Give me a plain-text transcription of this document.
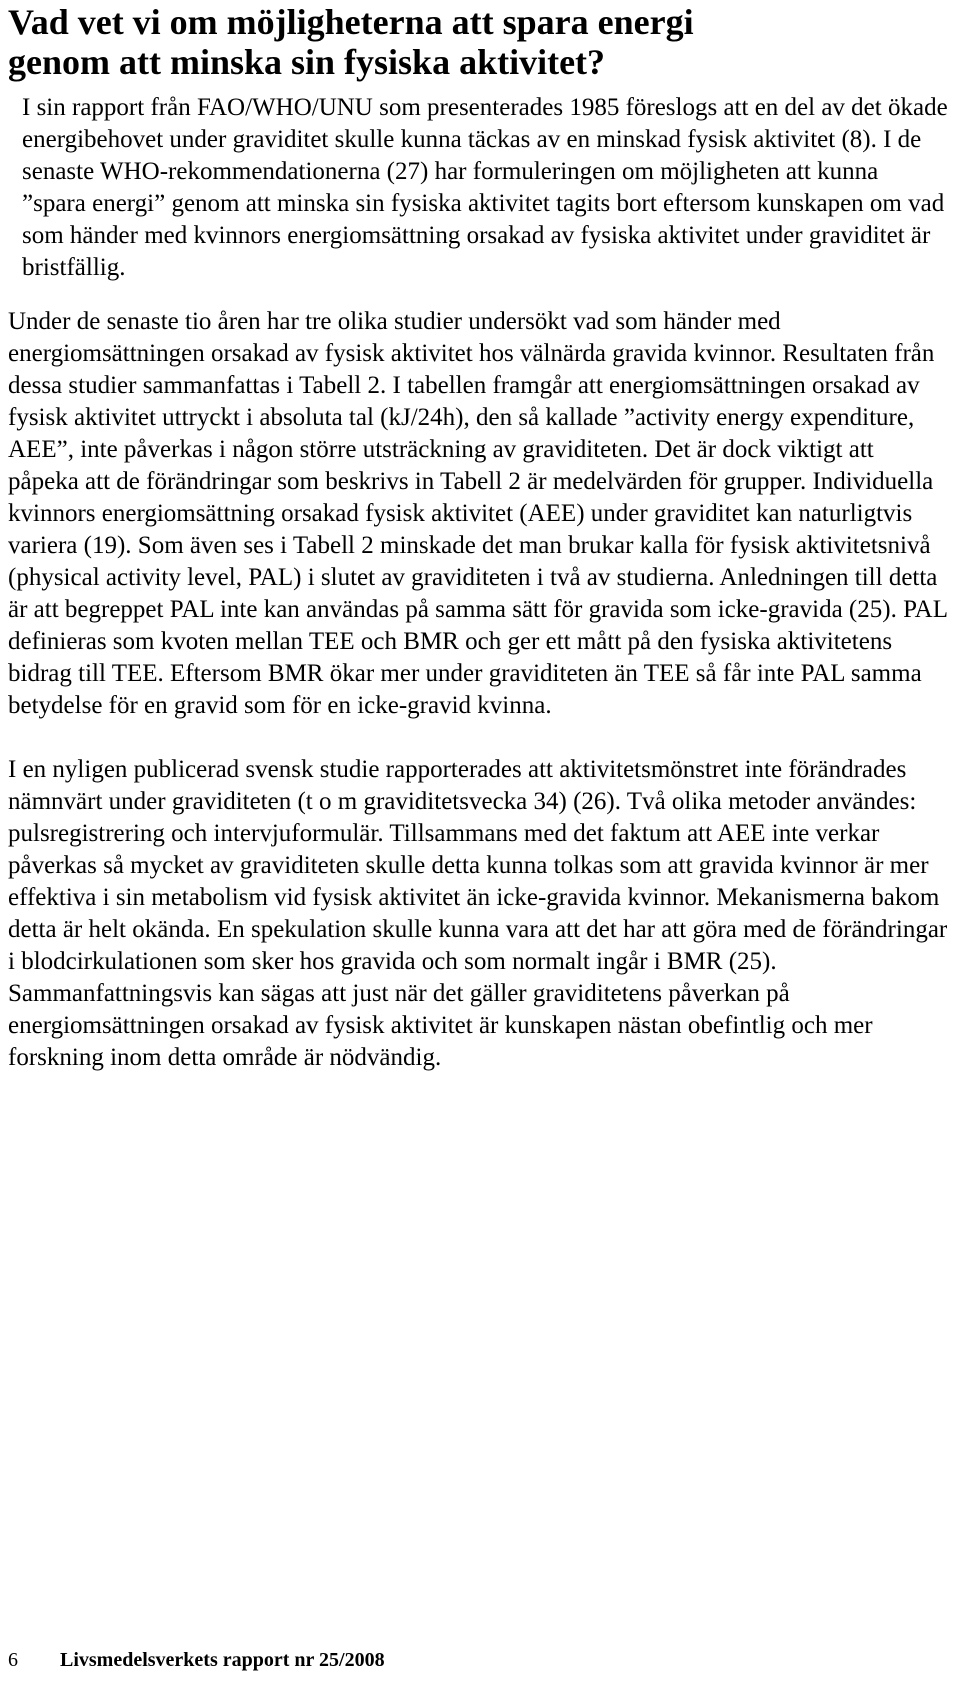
Vad vet vi om möjligheterna att spara energi genom att minska sin fysiska aktivitet?

I sin rapport från FAO/WHO/UNU som presenterades 1985 föreslogs att en del av det ökade energibehovet under graviditet skulle kunna täckas av en minskad fysisk aktivitet (8). I de senaste WHO-rekommendationerna (27) har formuleringen om möjligheten att kunna ”spara energi” genom att minska sin fysiska aktivitet tagits bort eftersom kunskapen om vad som händer med kvinnors energiomsättning orsakad av fysiska aktivitet under graviditet är bristfällig.

Under de senaste tio åren har tre olika studier undersökt vad som händer med energiomsättningen orsakad av fysisk aktivitet hos välnärda gravida kvinnor. Resultaten från dessa studier sammanfattas i Tabell 2. I tabellen framgår att energiomsättningen orsakad av fysisk aktivitet uttryckt i absoluta tal (kJ/24h), den så kallade ”activity energy expenditure, AEE”, inte påverkas i någon större utsträckning av graviditeten. Det är dock viktigt att påpeka att de förändringar som beskrivs in Tabell 2 är medelvärden för grupper. Individuella kvinnors energiomsättning orsakad fysisk aktivitet (AEE) under graviditet kan naturligtvis variera (19). Som även ses i Tabell 2 minskade det man brukar kalla för fysisk aktivitetsnivå (physical activity level, PAL) i slutet av graviditeten i två av studierna. Anledningen till detta är att begreppet PAL inte kan användas på samma sätt för gravida som icke-gravida (25). PAL definieras som kvoten mellan TEE och BMR och ger ett mått på den fysiska aktivitetens bidrag till TEE. Eftersom BMR ökar mer under graviditeten än TEE så får inte PAL samma betydelse för en gravid som för en icke-gravid kvinna.

I en nyligen publicerad svensk studie rapporterades att aktivitetsmönstret inte förändrades nämnvärt under graviditeten (t o m graviditetsvecka 34) (26). Två olika metoder användes: pulsregistrering och intervjuformulär. Tillsammans med det faktum att AEE inte verkar påverkas så mycket av graviditeten skulle detta kunna tolkas som att gravida kvinnor är mer effektiva i sin metabolism vid fysisk aktivitet än icke-gravida kvinnor. Mekanismerna bakom detta är helt okända. En spekulation skulle kunna vara att det har att göra med de förändringar i blodcirkulationen som sker hos gravida och som normalt ingår i BMR (25). Sammanfattningsvis kan sägas att just när det gäller graviditetens påverkan på energiomsättningen orsakad av fysisk aktivitet är kunskapen nästan obefintlig och mer forskning inom detta område är nödvändig.

6 Livsmedelsverkets rapport nr 25/2008
